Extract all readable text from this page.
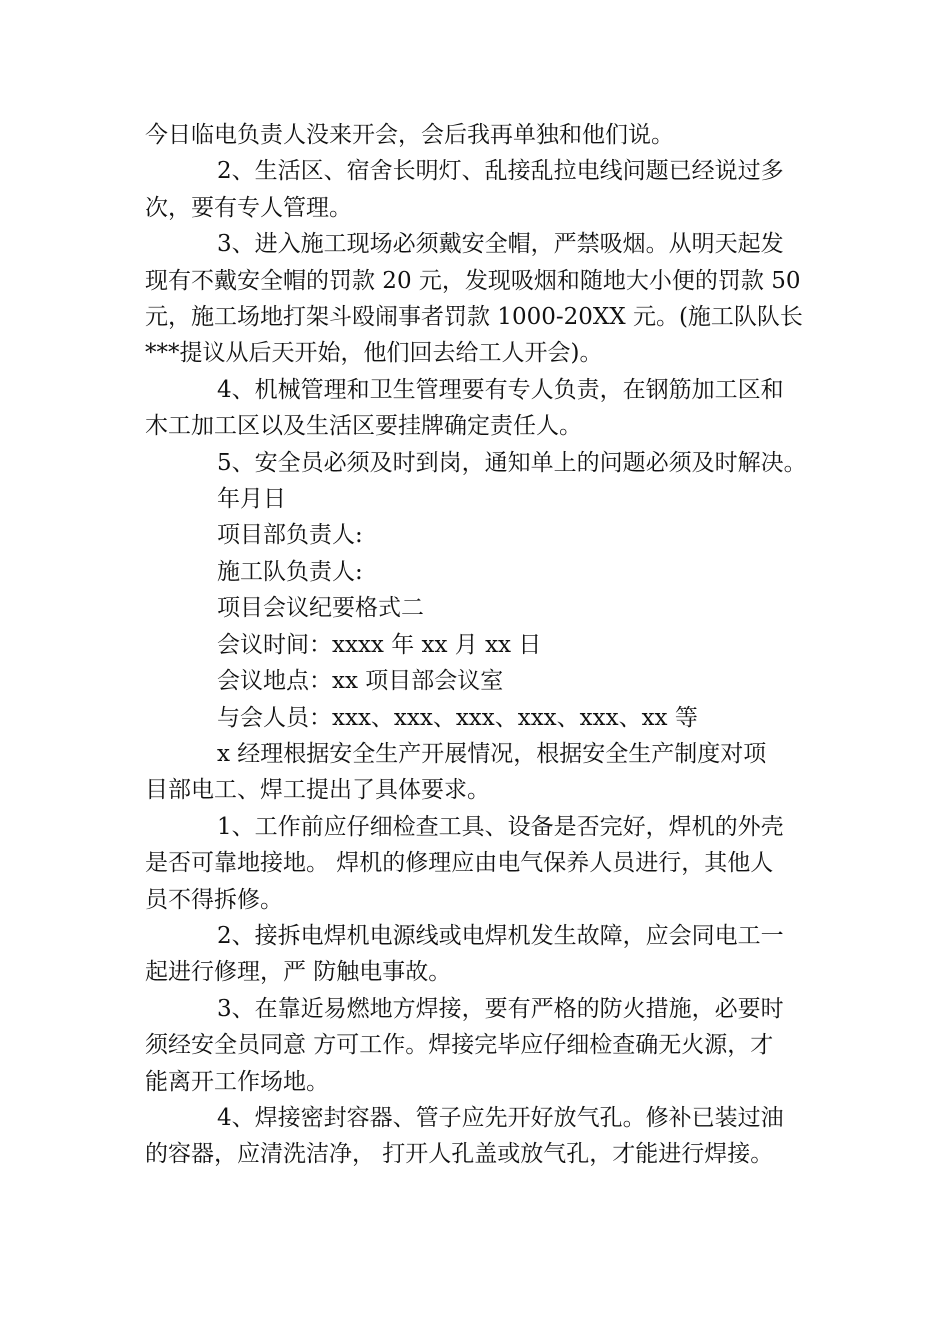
今日临电负责人没来开会，会后我再单独和他们说。

2、生活区、宿舍长明灯、乱接乱拉电线问题已经说过多

次，要有专人管理。

3、进入施工现场必须戴安全帽，严禁吸烟。从明天起发

现有不戴安全帽的罚款 20 元，发现吸烟和随地大小便的罚款 50

元，施工场地打架斗殴闹事者罚款 1000-20XX 元。(施工队队长

***提议从后天开始，他们回去给工人开会)。

4、机械管理和卫生管理要有专人负责，在钢筋加工区和

木工加工区以及生活区要挂牌确定责任人。

5、安全员必须及时到岗，通知单上的问题必须及时解决。

年月日

项目部负责人:

施工队负责人:

项目会议纪要格式二

会议时间：xxxx 年 xx 月 xx 日

会议地点：xx 项目部会议室

与会人员：xxx、xxx、xxx、xxx、xxx、xx 等

x 经理根据安全生产开展情况，根据安全生产制度对项

目部电工、焊工提出了具体要求。

1、工作前应仔细检查工具、设备是否完好，焊机的外壳

是否可靠地接地。 焊机的修理应由电气保养人员进行，其他人

员不得拆修。

2、接拆电焊机电源线或电焊机发生故障，应会同电工一

起进行修理，严 防触电事故。

3、在靠近易燃地方焊接，要有严格的防火措施，必要时

须经安全员同意 方可工作。焊接完毕应仔细检查确无火源，才

能离开工作场地。

4、焊接密封容器、管子应先开好放气孔。修补已装过油

的容器，应清洗洁净， 打开人孔盖或放气孔，才能进行焊接。
